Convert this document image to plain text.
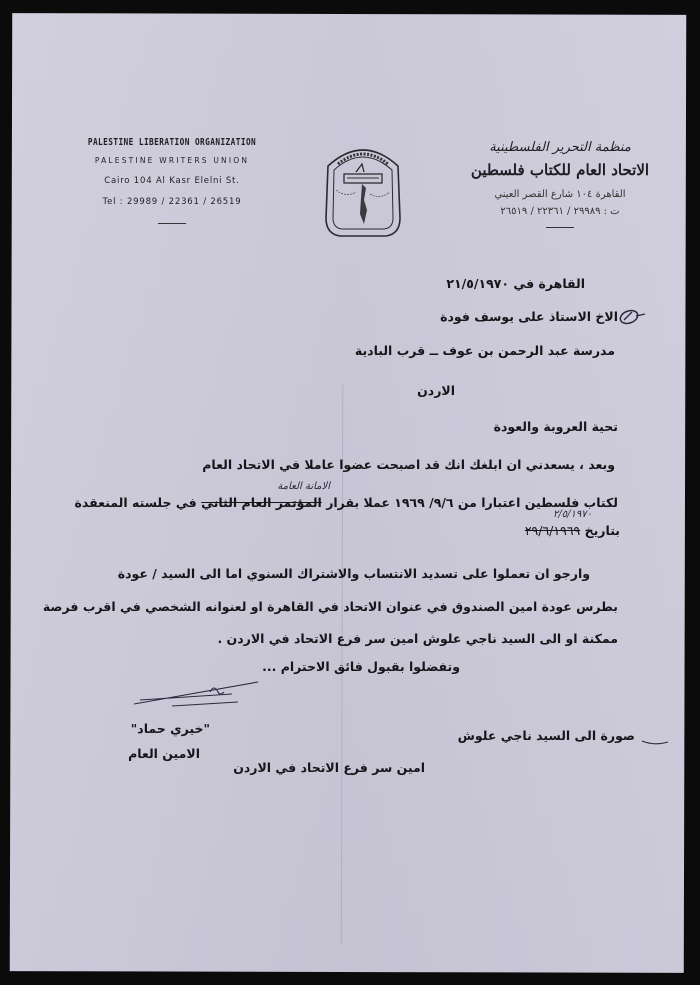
PALESTINE LIBERATION ORGANIZATION
PALESTINE WRITERS UNION
Cairo 104 Al Kasr Elelni St.
Tel : 29989 / 22361 / 26519
منظمة التحرير الفلسطينية
الاتحاد العام للكتاب فلسطين
القاهرة ١٠٤ شارع القصر العيني
ت : ٢٩٩٨٩ / ٢٢٣٦١ / ٢٦٥١٩
القاهرة في ٢١/٥/١٩٧٠
الاخ الاستاذ على يوسف فودة
مدرسة عبد الرحمن بن عوف ــ قرب البادية
الاردن
تحية العروبة والعودة
وبعد ، يسعدني ان ابلغك انك قد اصبحت عضوا عاملا في الاتحاد العام
لكتاب فلسطين اعتبارا من ٩/٦/ ١٩٦٩ عملا بقرار المؤتمر العام الثاني في جلسته المنعقدة
الامانة العامة
بتاريخ ٢٩/٦/١٩٦٩
٢/٥/١٩٧٠
وارجو ان تعملوا على تسديد الانتساب والاشتراك السنوي اما الى السيد / عودة
بطرس عودة امين الصندوق في عنوان الاتحاد في القاهرة او لعنوانه الشخصي في اقرب فرصة
ممكنة او الى السيد ناجي علوش امين سر فرع الاتحاد في الاردن .
وتفضلوا بقبول فائق الاحترام ...
"خيري حماد"
الامين العام
صورة الى السيد ناجي علوش
امين سر فرع الاتحاد في الاردن
